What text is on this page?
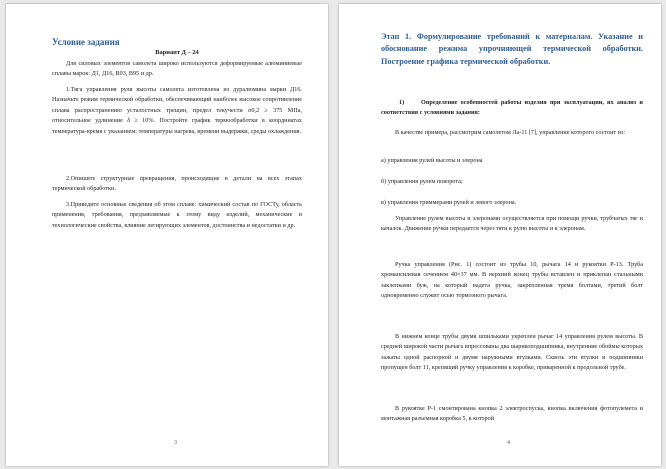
Условие задания
Вариант Д – 24
Для силовых элементов самолета широко используются деформируемые алюминиевые сплавы марок: Д1, Д16, В93, В95 и др.
1.Тяга управления руля высоты самолета изготовлена из дуралюмина марки Д16. Назначьте режим термической обработки, обеспечивающий наиболее высокое сопротивление сплава распространению усталостных трещин, предел текучести σ0,2 ≥ 375 МПа, относительное удлинение δ ≥ 10%. Постройте график термообработки в координатах температура-время с указанием: температуры нагрева, времени выдержки, среды охлаждения.
2.Опишите структурные превращения, происходящие в детали на всех этапах термической обработки.
3.Приведите основные сведения об этом сплаве: химический состав по ГОСТу, область применения, требования, предъявляемые к этому виду изделий, механические и технологические свойства, влияние легирующих элементов, достоинства и недостатки и др.
3
Этап 1. Формулирование требований к материалам. Указание и обоснование режима упрочняющей термической обработки. Построение графика термической обработки.
1)	Определение особенностей работы изделия при эксплуатации, их анализ и соответствия с условиями задания:
В качестве примера, рассмотрим самолетом Ла-11 [7], управление которого состоит из:
а) управления рулей высоты и элерона
б) управления рулем поворота;
в) управления триммерами рулей и левого элерона.
Управление рулем высоты и элеронами осуществляется при помощи ручки, трубчатых тяг и качалок. Движение ручки передается через тяги к рулю высоты и к элеронам.
Ручка управления (Рис. 1) состоит из трубы 10, рычага 14 и рукоятки Р-13. Труба хромансилевая сечением 40×37 мм. В верхний конец трубы вставлен и приклепан стальными заклепками буж, на который надета ручка, закрепленная тремя болтами, третий болт одновременно служит осью тормозного рычага.
В нижнем конце трубы двумя шпильками укреплен рычаг 14 управления рулем высоты. В средней широкой части рычага впрессованы два шарикоподшипника, внутренние обоймы которых зажаты одной распорной и двумя наружными втулками. Сквозь эти втулки и подшипники пропущен болт 11, крепящий ручку управления к коробке, приваренной к продольной трубе.
В рукоятке Р-1 смонтирована кнопка 2 электроспуска, кнопка включения фотопулемета и монтажная разъемная коробка 5, к которой
4
